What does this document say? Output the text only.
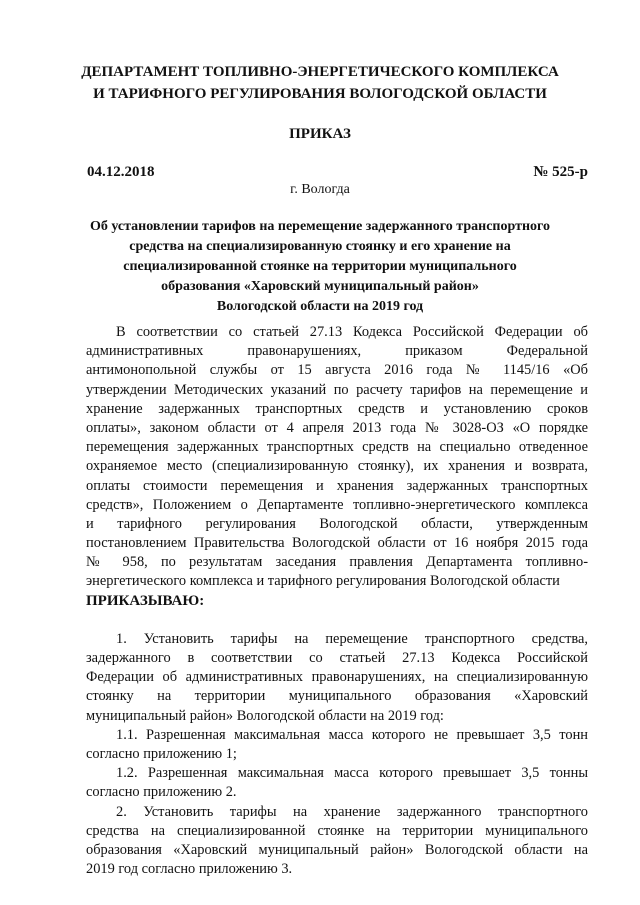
ДЕПАРТАМЕНТ ТОПЛИВНО-ЭНЕРГЕТИЧЕСКОГО КОМПЛЕКСА
И ТАРИФНОГО РЕГУЛИРОВАНИЯ ВОЛОГОДСКОЙ ОБЛАСТИ
ПРИКАЗ
04.12.2018	№ 525-р
г. Вологда
Об установлении тарифов на перемещение задержанного транспортного
средства на специализированную стоянку и его хранение на
специализированной стоянке на территории муниципального
образования «Харовский муниципальный район»
Вологодской области на 2019 год
В соответствии со статьей 27.13 Кодекса Российской Федерации об
административных правонарушениях, приказом Федеральной
антимонопольной службы от 15 августа 2016 года № 1145/16 «Об
утверждении Методических указаний по расчету тарифов на перемещение и
хранение задержанных транспортных средств и установлению сроков
оплаты», законом области от 4 апреля 2013 года № 3028-ОЗ «О порядке
перемещения задержанных транспортных средств на специально отведенное
охраняемое место (специализированную стоянку), их хранения и возврата,
оплаты стоимости перемещения и хранения задержанных транспортных
средств», Положением о Департаменте топливно-энергетического комплекса
и тарифного регулирования Вологодской области, утвержденным
постановлением Правительства Вологодской области от 16 ноября 2015 года
№ 958, по результатам заседания правления Департамента топливно-
энергетического комплекса и тарифного регулирования Вологодской области
ПРИКАЗЫВАЮ:
1. Установить тарифы на перемещение транспортного средства,
задержанного в соответствии со статьей 27.13 Кодекса Российской
Федерации об административных правонарушениях, на специализированную
стоянку на территории муниципального образования «Харовский
муниципальный район» Вологодской области на 2019 год:
1.1. Разрешенная максимальная масса которого не превышает 3,5 тонн
согласно приложению 1;
1.2. Разрешенная максимальная масса которого превышает 3,5 тонны
согласно приложению 2.
2. Установить тарифы на хранение задержанного транспортного
средства на специализированной стоянке на территории муниципального
образования «Харовский муниципальный район» Вологодской области на
2019 год согласно приложению 3.
